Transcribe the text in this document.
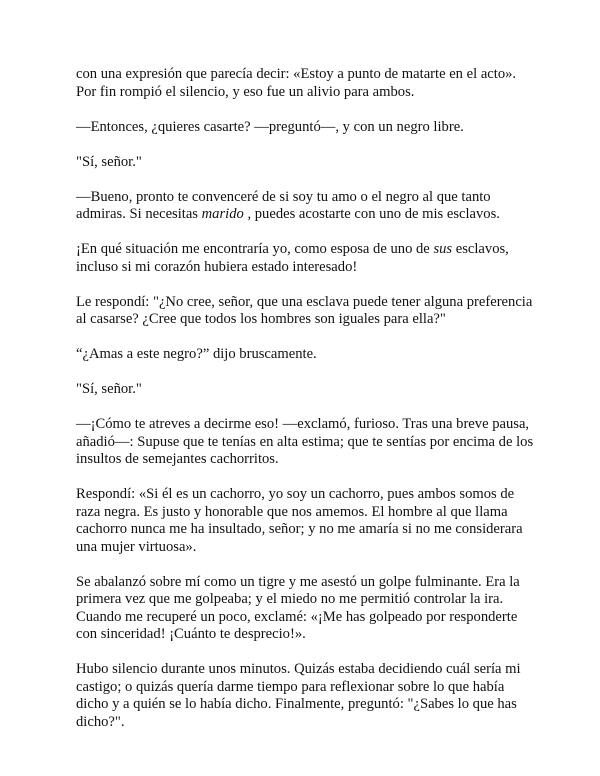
con una expresión que parecía decir: «Estoy a punto de matarte en el acto». Por fin rompió el silencio, y eso fue un alivio para ambos.

—Entonces, ¿quieres casarte? —preguntó—, y con un negro libre.

"Sí, señor."

—Bueno, pronto te convenceré de si soy tu amo o el negro al que tanto admiras. Si necesitas marido , puedes acostarte con uno de mis esclavos.

¡En qué situación me encontraría yo, como esposa de uno de sus esclavos, incluso si mi corazón hubiera estado interesado!

Le respondí: "¿No cree, señor, que una esclava puede tener alguna preferencia al casarse? ¿Cree que todos los hombres son iguales para ella?"

“¿Amas a este negro?” dijo bruscamente.

"Sí, señor."

—¡Cómo te atreves a decirme eso! —exclamó, furioso. Tras una breve pausa, añadió—: Supuse que te tenías en alta estima; que te sentías por encima de los insultos de semejantes cachorritos.

Respondí: «Si él es un cachorro, yo soy un cachorro, pues ambos somos de raza negra. Es justo y honorable que nos amemos. El hombre al que llama cachorro nunca me ha insultado, señor; y no me amaría si no me considerara una mujer virtuosa».

Se abalanzó sobre mí como un tigre y me asestó un golpe fulminante. Era la primera vez que me golpeaba; y el miedo no me permitió controlar la ira. Cuando me recuperé un poco, exclamé: «¡Me has golpeado por responderte con sinceridad! ¡Cuánto te desprecio!».

Hubo silencio durante unos minutos. Quizás estaba decidiendo cuál sería mi castigo; o quizás quería darme tiempo para reflexionar sobre lo que había dicho y a quién se lo había dicho. Finalmente, preguntó: "¿Sabes lo que has dicho?".
